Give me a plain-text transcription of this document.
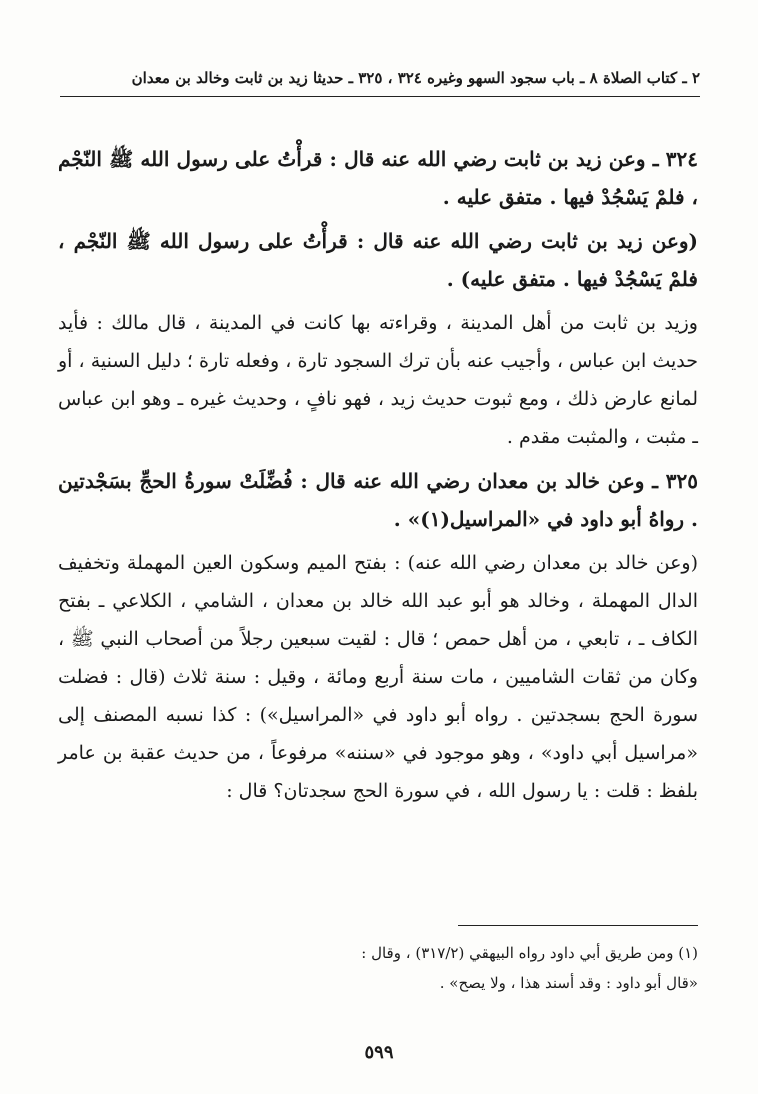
٢ ـ كتاب الصلاة ٨ ـ باب سجود السهو وغيره ٣٢٤ ، ٣٢٥ ـ حديثا زيد بن ثابت وخالد بن معدان

٣٢٤ ـ وعن زيد بن ثابت رضي الله عنه قال : قرأْتُ على رسول الله ﷺ النّجْم ، فلمْ يَسْجُدْ فيها . متفق عليه .

(وعن زيد بن ثابت رضي الله عنه قال : قرأْتُ على رسول الله ﷺ النّجْم ، فلمْ يَسْجُدْ فيها . متفق عليه) .

وزيد بن ثابت من أهل المدينة ، وقراءته بها كانت في المدينة ، قال مالك : فأيد حديث ابن عباس ، وأجيب عنه بأن ترك السجود تارة ، وفعله تارة ؛ دليل السنية ، أو لمانع عارض ذلك ، ومع ثبوت حديث زيد ، فهو نافٍ ، وحديث غيره ـ وهو ابن عباس ـ مثبت ، والمثبت مقدم .

٣٢٥ ـ وعن خالد بن معدان رضي الله عنه قال : فُضِّلَتْ سورةُ الحجِّ بسَجْدتين . رواهُ أبو داود في «المراسيل(١)» .

(وعن خالد بن معدان رضي الله عنه) : بفتح الميم وسكون العين المهملة وتخفيف الدال المهملة ، وخالد هو أبو عبد الله خالد بن معدان ، الشامي ، الكلاعي ـ بفتح الكاف ـ ، تابعي ، من أهل حمص ؛ قال : لقيت سبعين رجلاً من أصحاب النبي ﷺ ، وكان من ثقات الشاميين ، مات سنة أربع ومائة ، وقيل : سنة ثلاث (قال : فضلت سورة الحج بسجدتين . رواه أبو داود في «المراسيل») : كذا نسبه المصنف إلى «مراسيل أبي داود» ، وهو موجود في «سننه» مرفوعاً ، من حديث عقبة بن عامر بلفظ : قلت : يا رسول الله ، في سورة الحج سجدتان؟ قال :

(١) ومن طريق أبي داود رواه البيهقي (٣١٧/٢) ، وقال :

«قال أبو داود : وقد أسند هذا ، ولا يصح» .

٥٩٩
